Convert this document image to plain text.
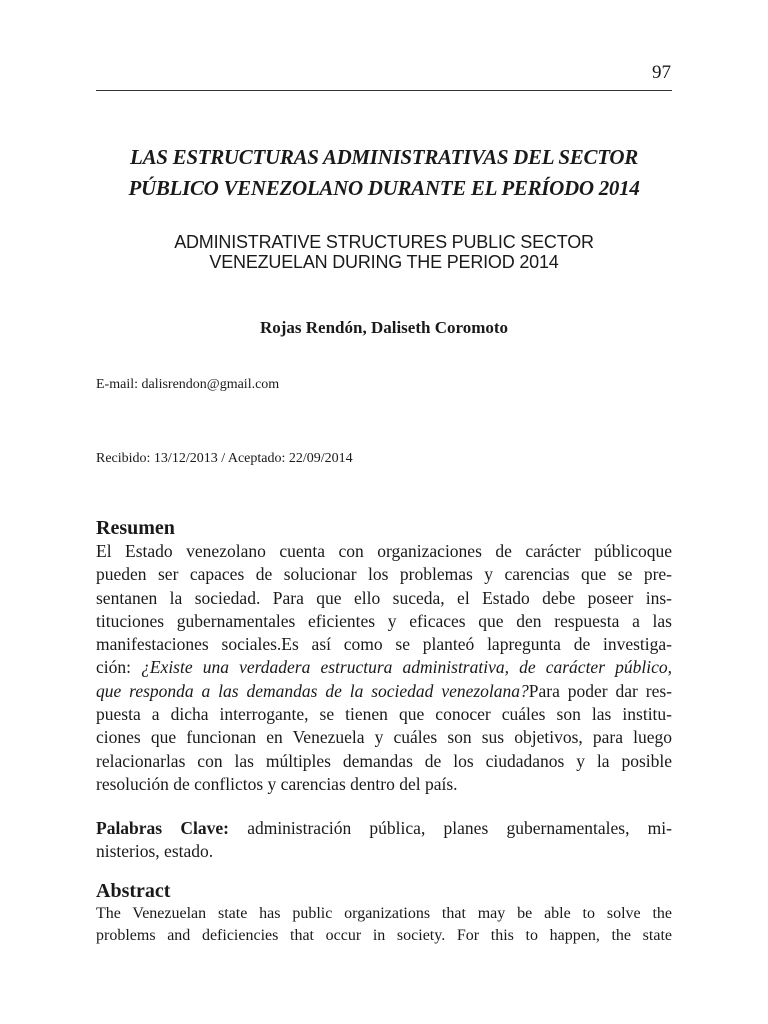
97
LAS ESTRUCTURAS ADMINISTRATIVAS DEL SECTOR
PÚBLICO VENEZOLANO DURANTE EL PERÍODO 2014
ADMINISTRATIVE STRUCTURES PUBLIC SECTOR
VENEZUELAN DURING THE PERIOD 2014
Rojas Rendón, Daliseth Coromoto
E-mail: dalisrendon@gmail.com
Recibido: 13/12/2013 / Aceptado: 22/09/2014
Resumen
El Estado venezolano cuenta con organizaciones de carácter públicoque
pueden ser capaces de solucionar los problemas y carencias que se pre-
sentanen la sociedad. Para que ello suceda, el Estado debe poseer ins-
tituciones gubernamentales eficientes y eficaces que den respuesta a las
manifestaciones sociales.Es así como se planteó lapregunta de investiga-
ción: ¿Existe una verdadera estructura administrativa, de carácter público,
que responda a las demandas de la sociedad venezolana?Para poder dar res-
puesta a dicha interrogante, se tienen que conocer cuáles son las institu-
ciones que funcionan en Venezuela y cuáles son sus objetivos, para luego
relacionarlas con las múltiples demandas de los ciudadanos y la posible
resolución de conflictos y carencias dentro del país.
Palabras Clave: administración pública, planes gubernamentales, mi-
nisterios, estado.
Abstract
The Venezuelan state has public organizations that may be able to solve the
problems and deficiencies that occur in society. For this to happen, the state
